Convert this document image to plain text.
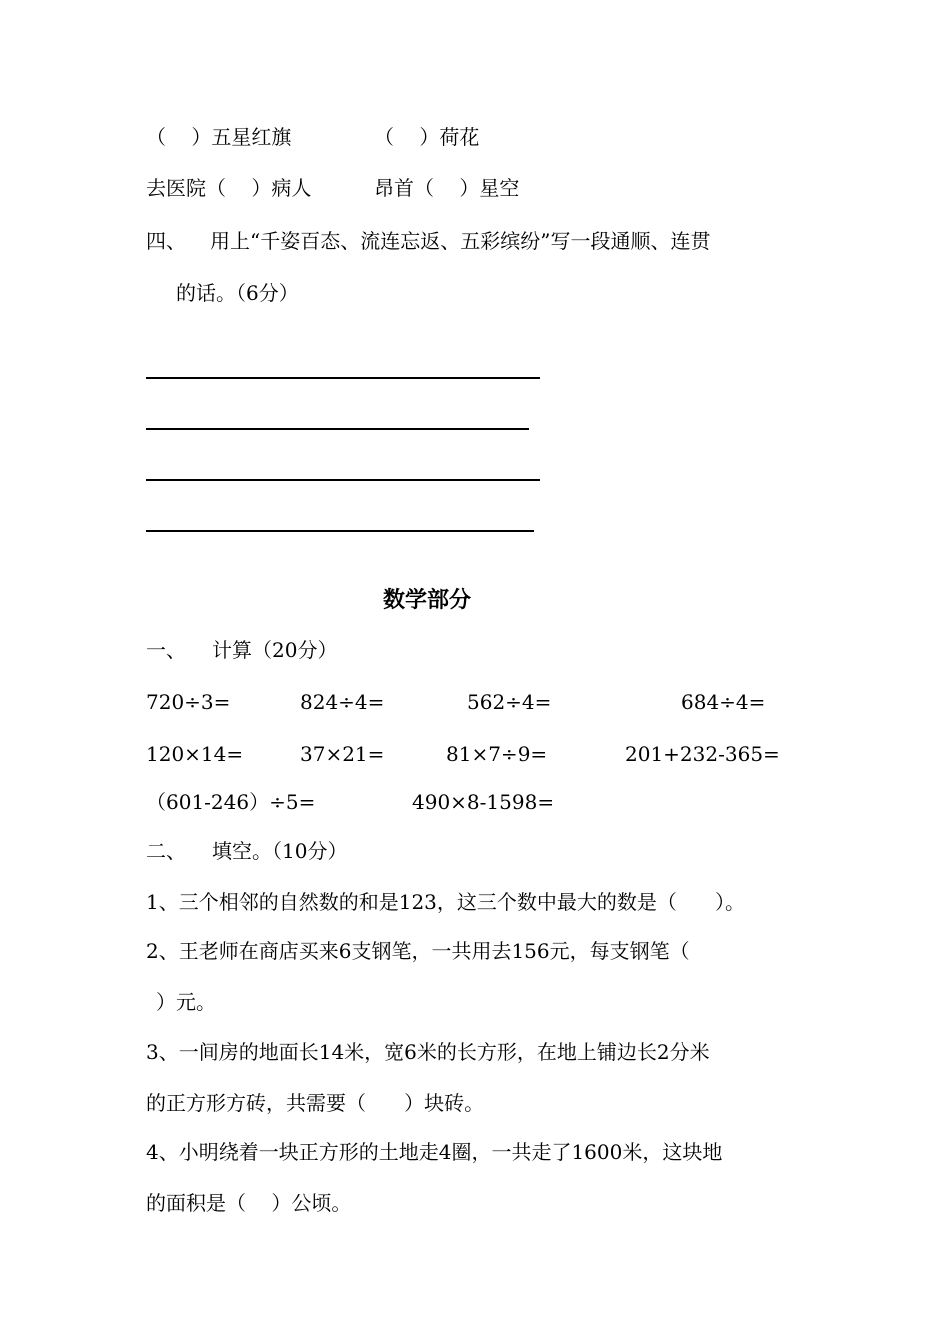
（    ）五星红旗	（    ）荷花
去医院（    ）病人	昂首（    ）星空
四、 用上“千姿百态、流连忘返、五彩缤纷”写一段通顺、连贯
的话。（6分）
数学部分
一、 计算（20分）
720÷3=	824÷4=	562÷4=	684÷4=
120×14=	37×21=	81×7÷9=	201+232-365=
（601-246）÷5=	490×8-1598=
二、 填空。（10分）
1、三个相邻的自然数的和是123，这三个数中最大的数是（      ）。
2、王老师在商店买来6支钢笔，一共用去156元，每支钢笔（
）元。
3、一间房的地面长14米，宽6米的长方形，在地上铺边长2分米
的正方形方砖，共需要（      ）块砖。
4、小明绕着一块正方形的土地走4圈，一共走了1600米，这块地
的面积是（    ）公顷。
